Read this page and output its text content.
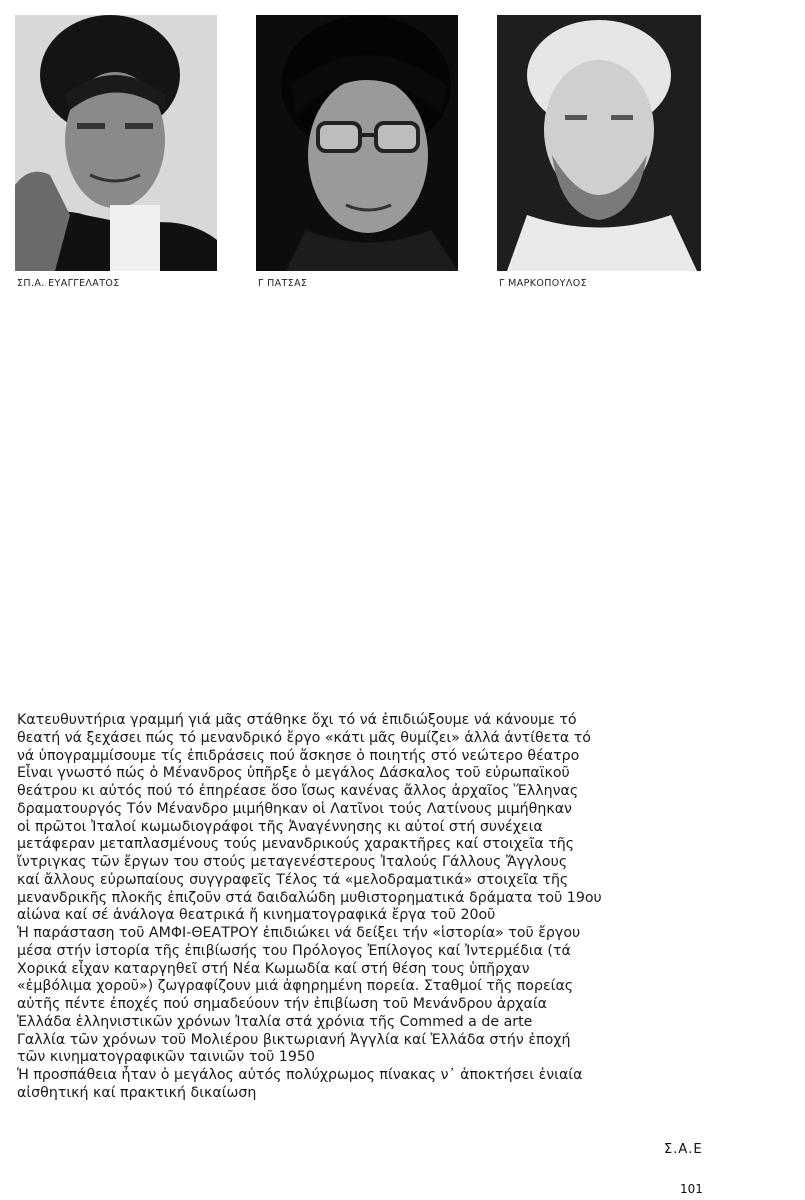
ΣΠ.Α. ΕΥΑΓΓΕΛΑΤΟΣ	Γ ΠΑΤΣΑΣ	Γ ΜΑΡΚΟΠΟΥΛΟΣ
Κατευθυντήρια γραμμή γιά μᾶς στάθηκε ὄχι τό νά ἐπιδιώξουμε νά κάνουμε τό
θεατή νά ξεχάσει πώς τό μενανδρικό ἔργο «κάτι μᾶς θυμίζει» ἀλλά ἀντίθετα τό
νά ὑπογραμμίσουμε τίς ἐπιδράσεις πού ἄσκησε ὁ ποιητής στό νεώτερο θέατρο
Εἶναι γνωστό πώς ὁ Μένανδρος ὑπῆρξε ὁ μεγάλος Δάσκαλος τοῦ εὐρωπαϊκοῦ
θεάτρου κι αὐτός πού τό ἐπηρέασε ὅσο ἴσως κανένας ἄλλος ἀρχαῖος Ἕλληνας
δραματουργός Τόν Μένανδρο μιμήθηκαν οἱ Λατῖνοι τούς Λατίνους μιμήθηκαν
οἱ πρῶτοι Ἰταλοί κωμωδιογράφοι τῆς Ἀναγέννησης κι αὐτοί στή συνέχεια
μετάφεραν μεταπλασμένους τούς μενανδρικούς χαρακτῆρες καί στοιχεῖα τῆς
ἴντριγκας τῶν ἔργων του στούς μεταγενέστερους Ἰταλούς Γάλλους Ἄγγλους
καί ἄλλους εὐρωπαίους συγγραφεῖς Τέλος τά «μελοδραματικά» στοιχεῖα τῆς
μενανδρικῆς πλοκῆς ἐπιζοῦν στά δαιδαλώδη μυθιστορηματικά δράματα τοῦ 19ου
αἰώνα καί σέ ἀνάλογα θεατρικά ἤ κινηματογραφικά ἔργα τοῦ 20οῦ
Ἡ παράσταση τοῦ ΑΜΦΙ-ΘΕΑΤΡΟΥ ἐπιδιώκει νά δείξει τήν «ἱστορία» τοῦ ἔργου
μέσα στήν ἱστορία τῆς ἐπιβίωσής του Πρόλογος Ἐπίλογος καί Ἰντερμέδια (τά
Χορικά εἶχαν καταργηθεῖ στή Νέα Κωμωδία καί στή θέση τους ὑπῆρχαν
«ἐμβόλιμα χοροῦ») ζωγραφίζουν μιά ἀφηρημένη πορεία. Σταθμοί τῆς πορείας
αὐτῆς πέντε ἐποχές πού σημαδεύουν τήν ἐπιβίωση τοῦ Μενάνδρου ἀρχαία
Ἑλλάδα ἑλληνιστικῶν χρόνων Ἰταλία στά χρόνια τῆς Commed a de arte
Γαλλία τῶν χρόνων τοῦ Μολιέρου βικτωριανή Ἀγγλία καί Ἑλλάδα στήν ἐποχή
τῶν κινηματογραφικῶν ταινιῶν τοῦ 1950
Ἡ προσπάθεια ἦταν ὁ μεγάλος αὐτός πολύχρωμος πίνακας ν᾽ ἀποκτήσει ἑνιαία
αἰσθητική καί πρακτική δικαίωση
Σ.Α.Ε
101
